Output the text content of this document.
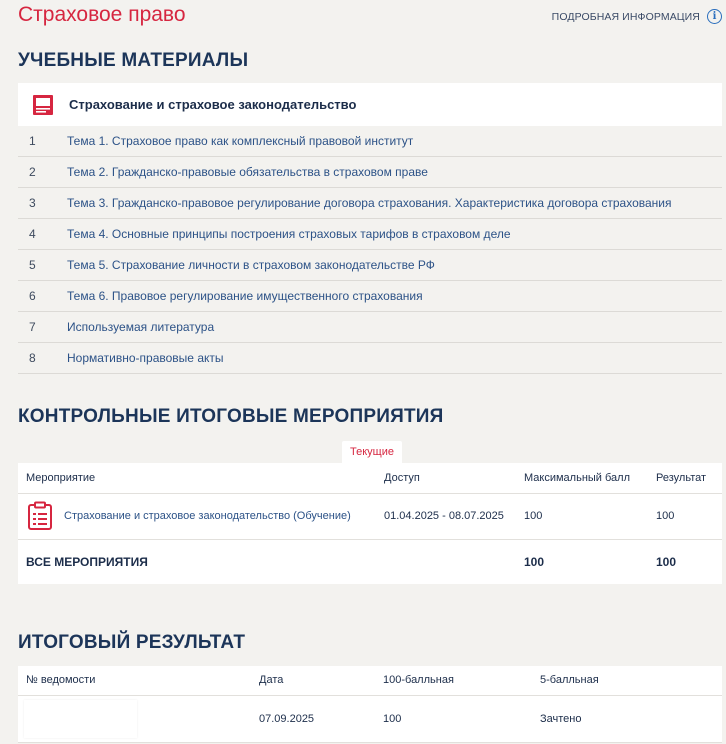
Страховое право	ПОДРОБНАЯ ИНФОРМАЦИЯ	i
УЧЕБНЫЕ МАТЕРИАЛЫ
Страхование и страховое законодательство
1	Тема 1. Страховое право как комплексный правовой институт
2	Тема 2. Гражданско-правовые обязательства в страховом праве
3	Тема 3. Гражданско-правовое регулирование договора страхования. Характеристика договора страхования
4	Тема 4. Основные принципы построения страховых тарифов в страховом деле
5	Тема 5. Страхование личности в страховом законодательстве РФ
6	Тема 6. Правовое регулирование имущественного страхования
7	Используемая литература
8	Нормативно-правовые акты
КОНТРОЛЬНЫЕ ИТОГОВЫЕ МЕРОПРИЯТИЯ
Текущие
Мероприятие	Доступ	Максимальный балл	Результат

Страхование и страховое законодательство (Обучение)	01.04.2025 - 08.07.2025	100	100
ВСЕ МЕРОПРИЯТИЯ		100	100
ИТОГОВЫЙ РЕЗУЛЬТАТ
№ ведомости	Дата	100-балльная	5-балльная

	07.09.2025	100	Зачтено
